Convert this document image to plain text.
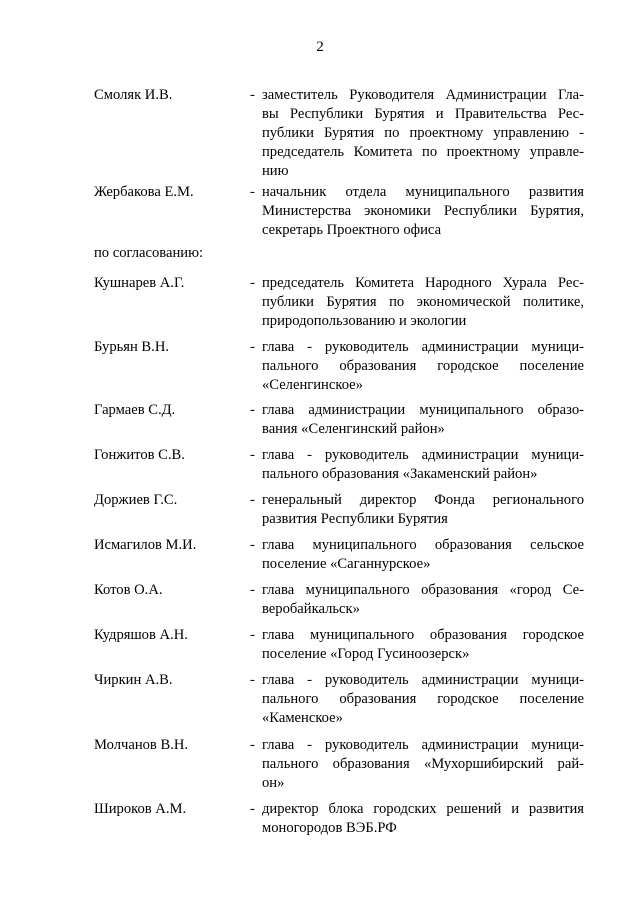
2
Смоляк И.В.	- заместитель Руководителя Администрации Гла-
вы Республики Бурятия и Правительства Рес-
публики Бурятия по проектному управлению -
председатель Комитета по проектному управле-
нию
Жербакова Е.М.	- начальник отдела муниципального развития
Министерства экономики Республики Бурятия,
секретарь Проектного офиса
по согласованию:
Кушнарев А.Г.	- председатель Комитета Народного Хурала Рес-
публики Бурятия по экономической политике,
природопользованию и экологии
Бурьян В.Н.	- глава - руководитель администрации муници-
пального образования городское поселение
«Селенгинское»
Гармаев С.Д.	- глава администрации муниципального образо-
вания «Селенгинский район»
Гонжитов С.В.	- глава - руководитель администрации муници-
пального образования «Закаменский район»
Доржиев Г.С.	- генеральный директор Фонда регионального
развития Республики Бурятия
Исмагилов М.И.	- глава муниципального образования сельское
поселение «Саганнурское»
Котов О.А.	- глава муниципального образования «город Се-
веробайкальск»
Кудряшов А.Н.	- глава муниципального образования городское
поселение «Город Гусиноозерск»
Чиркин А.В.	- глава - руководитель администрации муници-
пального образования городское поселение
«Каменское»
Молчанов В.Н.	- глава - руководитель администрации муници-
пального образования «Мухоршибирский рай-
он»
Широков А.М.	- директор блока городских решений и развития
моногородов ВЭБ.РФ
